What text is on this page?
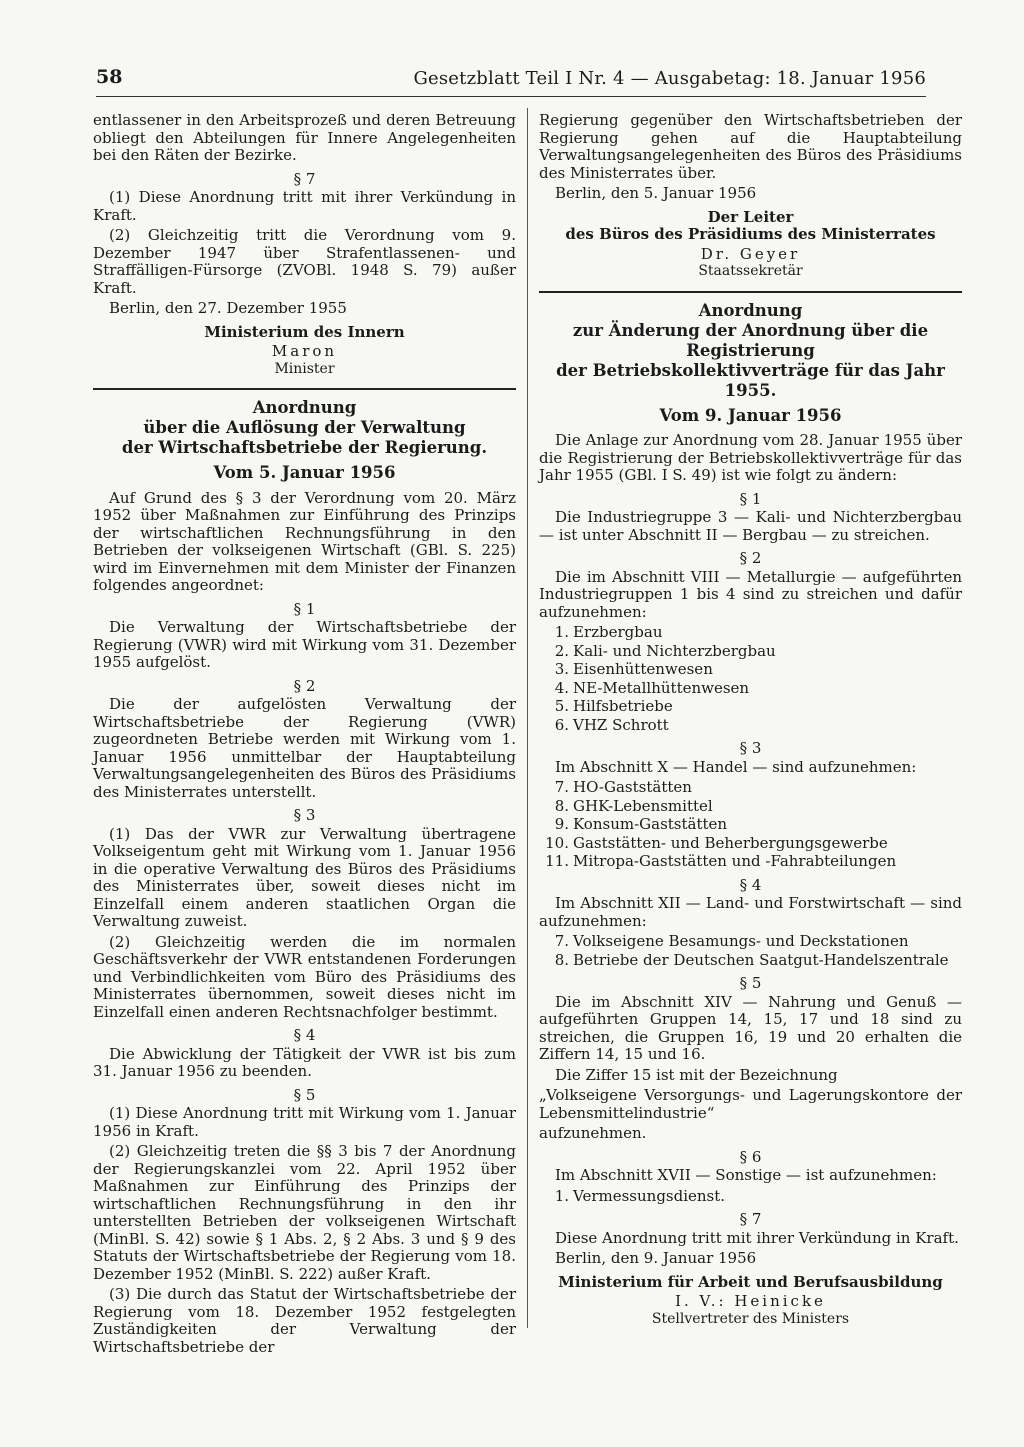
58	Gesetzblatt Teil I Nr. 4 — Ausgabetag: 18. Januar 1956

entlassener in den Arbeitsprozeß und deren Betreuung obliegt den Abteilungen für Innere Angelegenheiten bei den Räten der Bezirke.

§ 7

(1) Diese Anordnung tritt mit ihrer Verkündung in Kraft.

(2) Gleichzeitig tritt die Verordnung vom 9. Dezember 1947 über Strafentlassenen- und Straffälligen-Fürsorge (ZVOBl. 1948 S. 79) außer Kraft.

Berlin, den 27. Dezember 1955

Ministerium des Innern
Maron
Minister
Anordnung
über die Auflösung der Verwaltung
der Wirtschaftsbetriebe der Regierung.
Vom 5. Januar 1956

Auf Grund des § 3 der Verordnung vom 20. März 1952 über Maßnahmen zur Einführung des Prinzips der wirtschaftlichen Rechnungsführung in den Betrieben der volkseigenen Wirtschaft (GBl. S. 225) wird im Einvernehmen mit dem Minister der Finanzen folgendes angeordnet:

§ 1

Die Verwaltung der Wirtschaftsbetriebe der Regierung (VWR) wird mit Wirkung vom 31. Dezember 1955 aufgelöst.

§ 2

Die der aufgelösten Verwaltung der Wirtschaftsbetriebe der Regierung (VWR) zugeordneten Betriebe werden mit Wirkung vom 1. Januar 1956 unmittelbar der Hauptabteilung Verwaltungsangelegenheiten des Büros des Präsidiums des Ministerrates unterstellt.

§ 3

(1) Das der VWR zur Verwaltung übertragene Volkseigentum geht mit Wirkung vom 1. Januar 1956 in die operative Verwaltung des Büros des Präsidiums des Ministerrates über, soweit dieses nicht im Einzelfall einem anderen staatlichen Organ die Verwaltung zuweist.

(2) Gleichzeitig werden die im normalen Geschäftsverkehr der VWR entstandenen Forderungen und Verbindlichkeiten vom Büro des Präsidiums des Ministerrates übernommen, soweit dieses nicht im Einzelfall einen anderen Rechtsnachfolger bestimmt.

§ 4

Die Abwicklung der Tätigkeit der VWR ist bis zum 31. Januar 1956 zu beenden.

§ 5

(1) Diese Anordnung tritt mit Wirkung vom 1. Januar 1956 in Kraft.

(2) Gleichzeitig treten die §§ 3 bis 7 der Anordnung der Regierungskanzlei vom 22. April 1952 über Maßnahmen zur Einführung des Prinzips der wirtschaftlichen Rechnungsführung in den ihr unterstellten Betrieben der volkseigenen Wirtschaft (MinBl. S. 42) sowie § 1 Abs. 2, § 2 Abs. 3 und § 9 des Statuts der Wirtschaftsbetriebe der Regierung vom 18. Dezember 1952 (MinBl. S. 222) außer Kraft.

(3) Die durch das Statut der Wirtschaftsbetriebe der Regierung vom 18. Dezember 1952 festgelegten Zuständigkeiten der Verwaltung der Wirtschaftsbetriebe der

Regierung gegenüber den Wirtschaftsbetrieben der Regierung gehen auf die Hauptabteilung Verwaltungsangelegenheiten des Büros des Präsidiums des Ministerrates über.

Berlin, den 5. Januar 1956

Der Leiter
des Büros des Präsidiums des Ministerrates
Dr. Geyer
Staatssekretär
Anordnung
zur Änderung der Anordnung über die Registrierung
der Betriebskollektivverträge für das Jahr 1955.
Vom 9. Januar 1956

Die Anlage zur Anordnung vom 28. Januar 1955 über die Registrierung der Betriebskollektivverträge für das Jahr 1955 (GBl. I S. 49) ist wie folgt zu ändern:

§ 1

Die Industriegruppe 3 — Kali- und Nichterzbergbau — ist unter Abschnitt II — Bergbau — zu streichen.

§ 2

Die im Abschnitt VIII — Metallurgie — aufgeführten Industriegruppen 1 bis 4 sind zu streichen und dafür aufzunehmen:

1. Erzbergbau
2. Kali- und Nichterzbergbau
3. Eisenhüttenwesen
4. NE-Metallhüttenwesen
5. Hilfsbetriebe
6. VHZ Schrott
§ 3

Im Abschnitt X — Handel — sind aufzunehmen:

7. HO-Gaststätten
8. GHK-Lebensmittel
9. Konsum-Gaststätten
10. Gaststätten- und Beherbergungsgewerbe
11. Mitropa-Gaststätten und -Fahrabteilungen
§ 4

Im Abschnitt XII — Land- und Forstwirtschaft — sind aufzunehmen:

7. Volkseigene Besamungs- und Deckstationen
8. Betriebe der Deutschen Saatgut-Handelszentrale
§ 5

Die im Abschnitt XIV — Nahrung und Genuß — aufgeführten Gruppen 14, 15, 17 und 18 sind zu streichen, die Gruppen 16, 19 und 20 erhalten die Ziffern 14, 15 und 16.

Die Ziffer 15 ist mit der Bezeichnung

„Volkseigene Versorgungs- und Lagerungskontore der Lebensmittelindustrie“

aufzunehmen.

§ 6

Im Abschnitt XVII — Sonstige — ist aufzunehmen:

1. Vermessungsdienst.
§ 7

Diese Anordnung tritt mit ihrer Verkündung in Kraft.

Berlin, den 9. Januar 1956

Ministerium für Arbeit und Berufsausbildung
I. V.: Heinicke
Stellvertreter des Ministers
